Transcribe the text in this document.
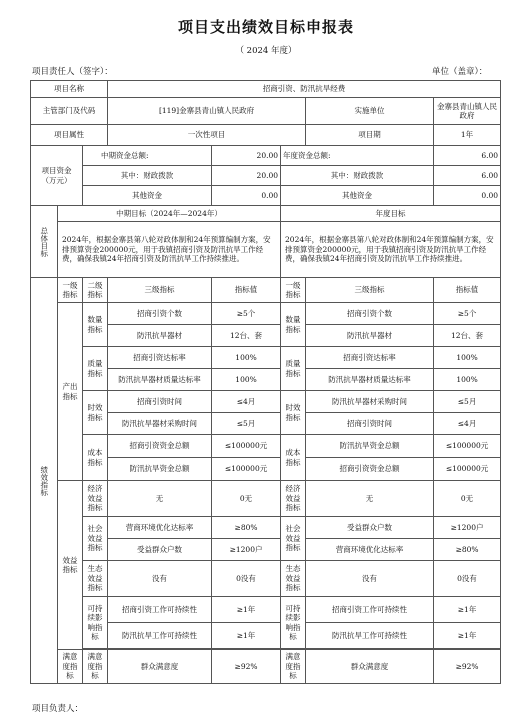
项目支出绩效目标申报表
（ 2024 年度）
项目责任人（签字）：	单位（盖章）：
项目名称			招商引资、防汛抗旱经费				
主管部门及代码			[119]金寨县青山镇人民政府			实施单位	金寨县青山镇人民政府
项目属性			一次性项目			项目期	1年
项目资金
（万元）		中期资金总额:		20.00	年度资金总额:		6.00
		其中：财政拨款		20.00	其中：财政拨款		6.00
		其他资金		0.00	其他资金		0.00

总体目标	中期目标（2024年—2024年）				年度目标		
	2024年，根据金寨县第八轮对政体制和24年预算编制方案，安排预算资金200000元，用于我镇招商引资及防汛抗旱工作经费，确保我镇24年招商引资及防汛抗旱工作持续推进。				2024年，根据金寨县第八轮对政体制和24年预算编制方案，安排预算资金200000元，用于我镇招商引资及防汛抗旱工作经费，确保我镇24年招商引资及防汛抗旱工作持续推进。		

绩效指标	一级指标	二级指标	三级指标	指标值	一级指标	三级指标	指标值
	产出指标	数量指标	招商引资个数	≥5个	数量指标	招商引资个数	≥5个
			防汛抗旱器材	12台、套		防汛抗旱器材	12台、套
		质量指标	招商引资达标率	100%	质量指标	招商引资达标率	100%
			防汛抗旱器材质量达标率	100%		防汛抗旱器材质量达标率	100%
		时效指标	招商引资时间	≤4月	时效指标	防汛抗旱器材采购时间	≤5月
			防汛抗旱器材采购时间	≤5月		招商引资时间	≤4月
		成本指标	招商引资资金总额	≤100000元	成本指标	防汛抗旱资金总额	≤100000元
			防汛抗旱资金总额	≤100000元		招商引资资金总额	≤100000元
	效益指标	经济效益指标	无	0无	经济效益指标	无	0无
		社会效益指标	营商环境优化达标率	≥80%	社会效益指标	受益群众户数	≥1200户
			受益群众户数	≥1200户		营商环境优化达标率	≥80%
		生态效益指标	没有	0没有	生态效益指标	没有	0没有
		可持续影响指标	招商引资工作可持续性	≥1年	可持续影响指标	招商引资工作可持续性	≥1年
			防汛抗旱工作可持续性	≥1年		防汛抗旱工作可持续性	≥1年

	满意度指标	满意度指标	群众满意度	≥92%	满意度指标	群众满意度	≥92%
项目负责人：
